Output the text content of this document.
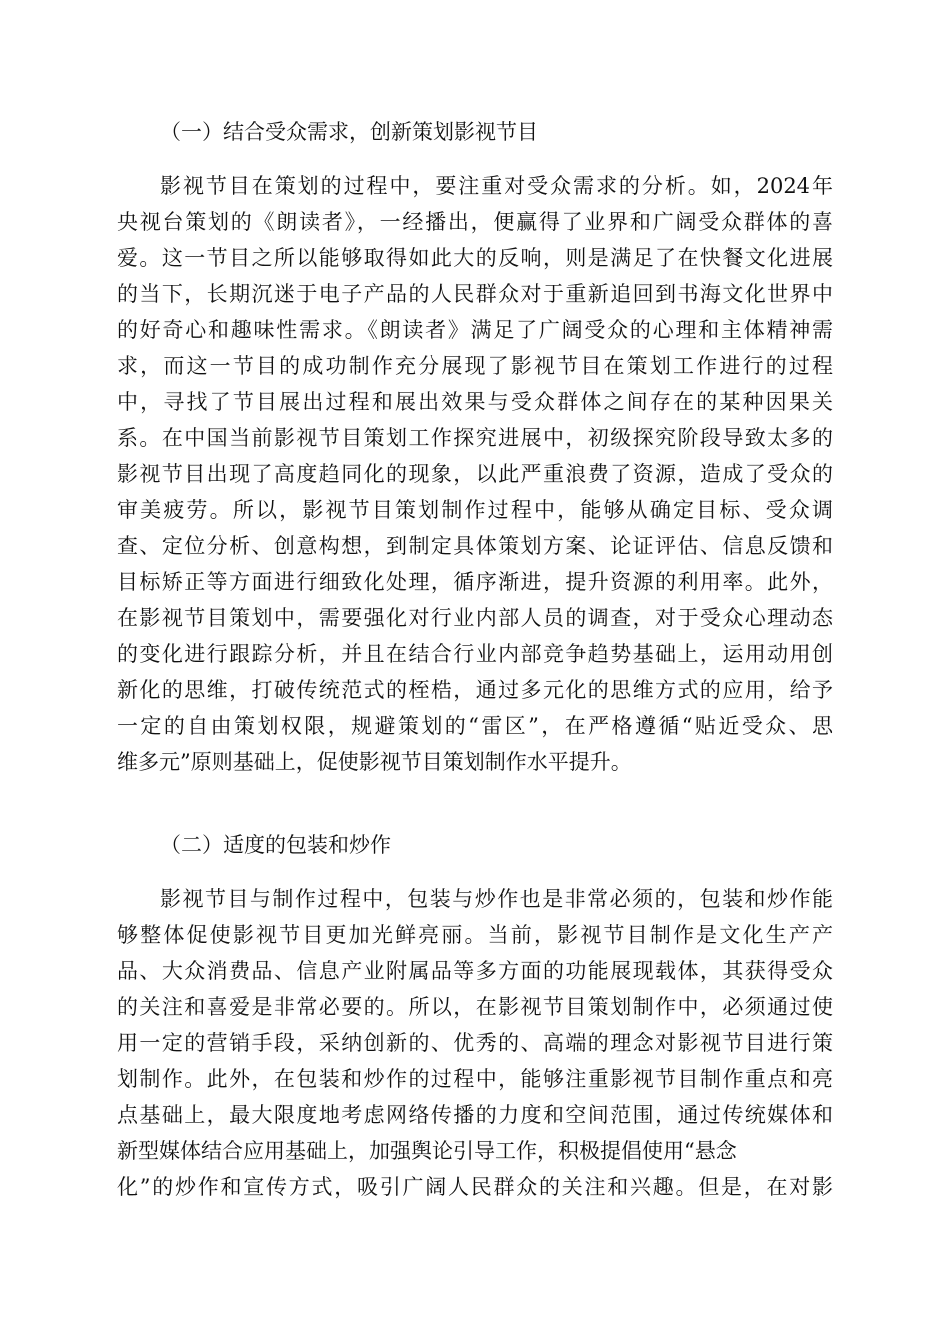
（一）结合受众需求，创新策划影视节目
影视节目在策划的过程中，要注重对受众需求的分析。如，2024年
央视台策划的《朗读者》，一经播出，便赢得了业界和广阔受众群体的喜
爱。这一节目之所以能够取得如此大的反响，则是满足了在快餐文化进展
的当下，长期沉迷于电子产品的人民群众对于重新追回到书海文化世界中
的好奇心和趣味性需求。《朗读者》满足了广阔受众的心理和主体精神需
求，而这一节目的成功制作充分展现了影视节目在策划工作进行的过程
中，寻找了节目展出过程和展出效果与受众群体之间存在的某种因果关
系。在中国当前影视节目策划工作探究进展中，初级探究阶段导致太多的
影视节目出现了高度趋同化的现象，以此严重浪费了资源，造成了受众的
审美疲劳。所以，影视节目策划制作过程中，能够从确定目标、受众调
查、定位分析、创意构想，到制定具体策划方案、论证评估、信息反馈和
目标矫正等方面进行细致化处理，循序渐进，提升资源的利用率。此外，
在影视节目策划中，需要强化对行业内部人员的调查，对于受众心理动态
的变化进行跟踪分析，并且在结合行业内部竞争趋势基础上，运用动用创
新化的思维，打破传统范式的桎梏，通过多元化的思维方式的应用，给予
一定的自由策划权限，规避策划的“雷区”，在严格遵循“贴近受众、思
维多元”原则基础上，促使影视节目策划制作水平提升。
（二）适度的包装和炒作
影视节目与制作过程中，包装与炒作也是非常必须的，包装和炒作能
够整体促使影视节目更加光鲜亮丽。当前，影视节目制作是文化生产产
品、大众消费品、信息产业附属品等多方面的功能展现载体，其获得受众
的关注和喜爱是非常必要的。所以，在影视节目策划制作中，必须通过使
用一定的营销手段，采纳创新的、优秀的、高端的理念对影视节目进行策
划制作。此外，在包装和炒作的过程中，能够注重影视节目制作重点和亮
点基础上，最大限度地考虑网络传播的力度和空间范围，通过传统媒体和
新型媒体结合应用基础上，加强舆论引导工作，积极提倡使用“悬念
化”的炒作和宣传方式，吸引广阔人民群众的关注和兴趣。但是，在对影
